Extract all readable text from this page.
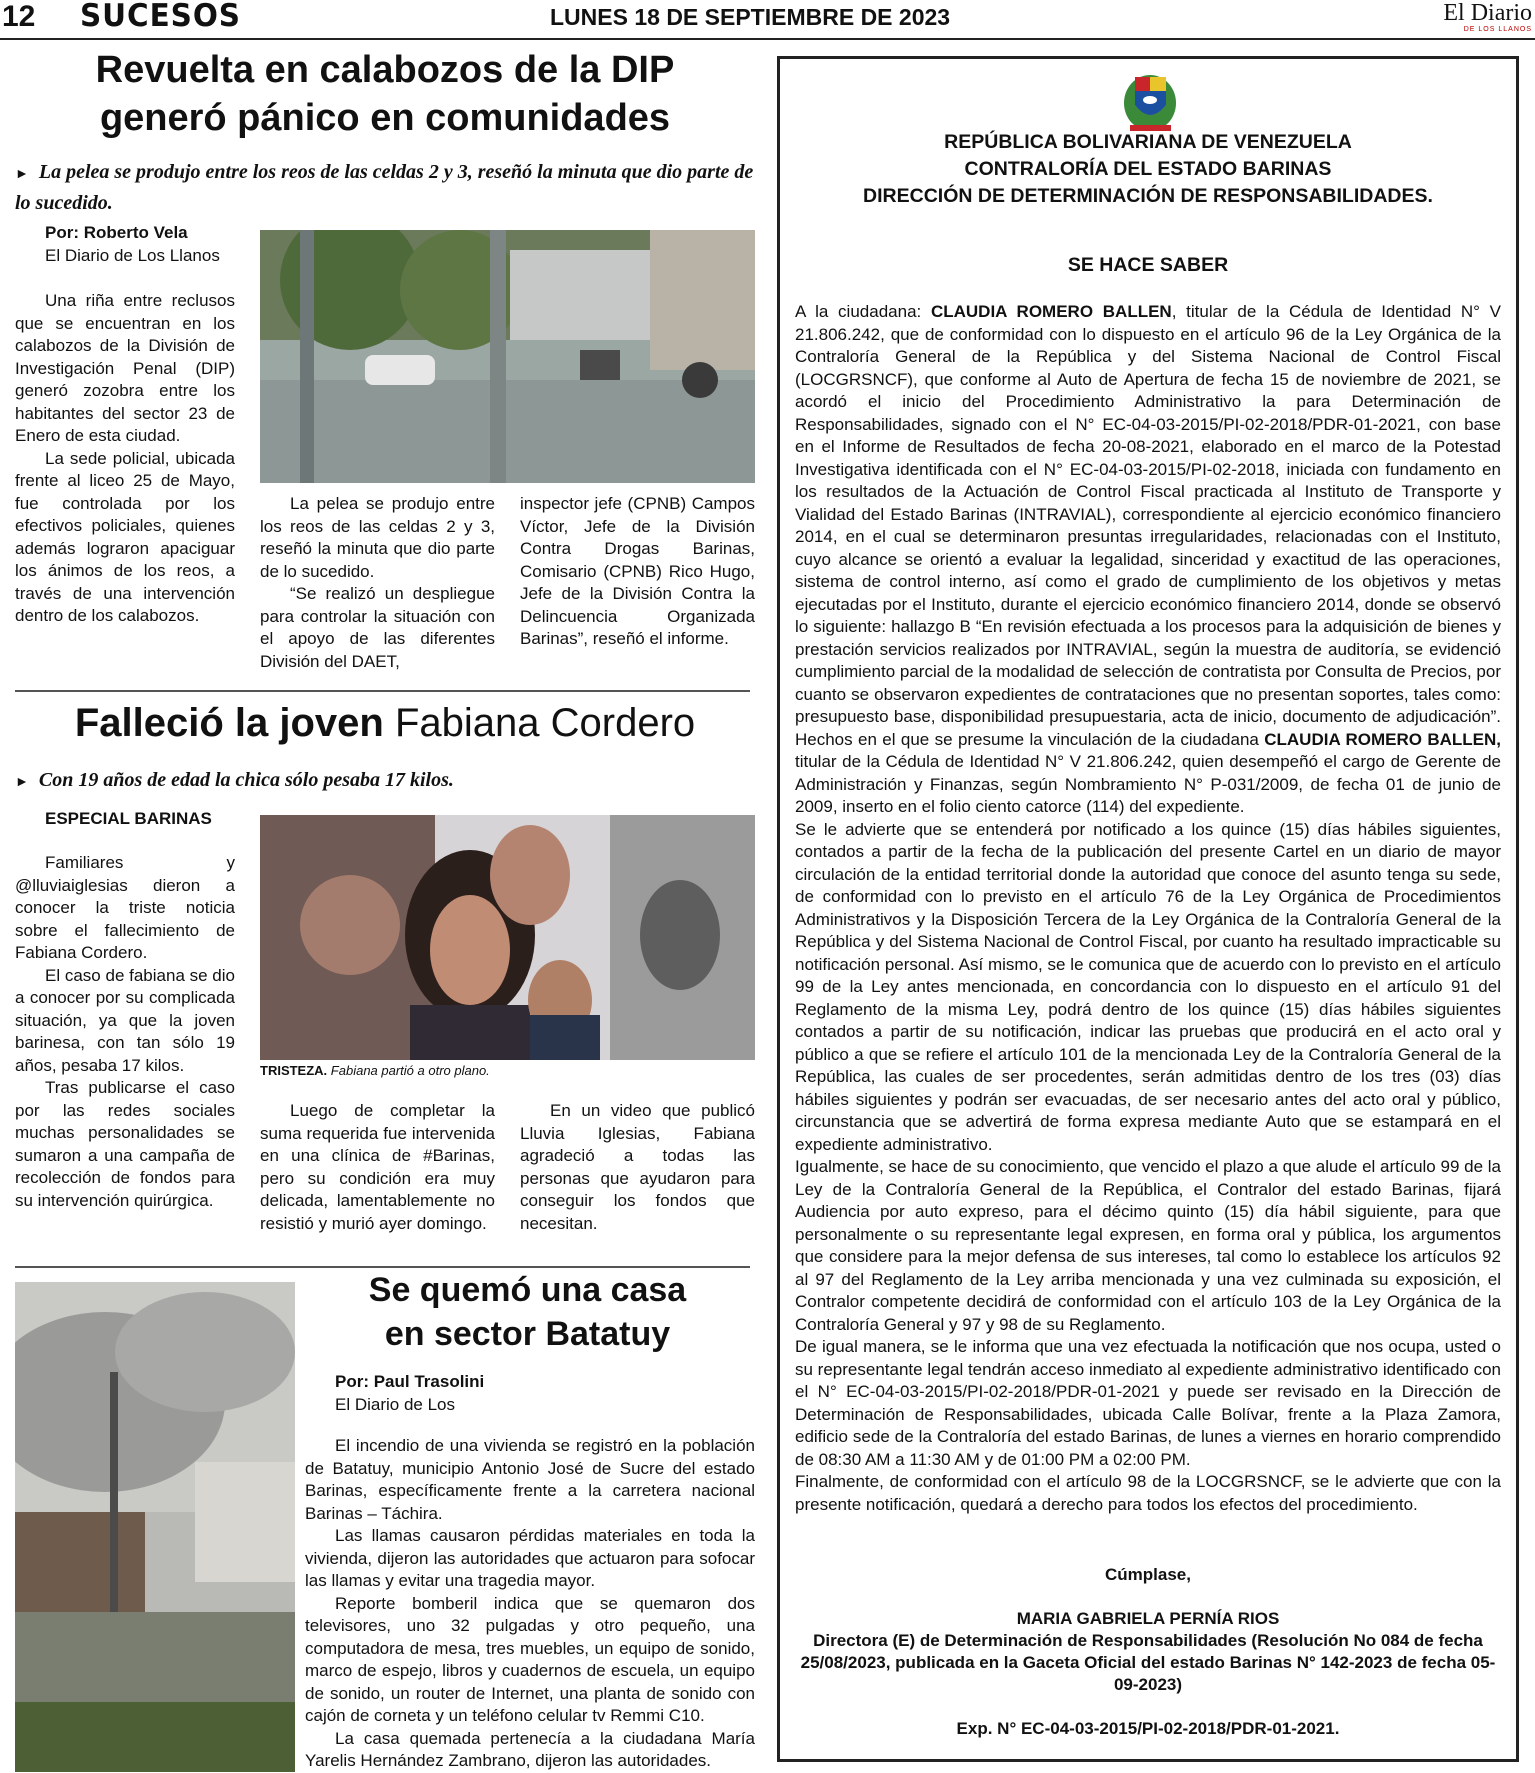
12 SUCESOS	LUNES 18 DE SEPTIEMBRE DE 2023	El Diario
DE LOS LLANOS
Revuelta en calabozos de la DIP
generó pánico en comunidades
► La pelea se produjo entre los reos de las celdas 2 y 3, reseñó la minuta que dio parte de lo sucedido.
Por: Roberto Vela
El Diario de Los Llanos

Una riña entre reclusos que se encuentran en los calabozos de la División de Investigación Penal (DIP) generó zozobra entre los habitantes del sector 23 de Enero de esta ciudad.

La sede policial, ubicada frente al liceo 25 de Mayo, fue controlada por los efectivos policiales, quienes además lograron apaciguar los ánimos de los reos, a través de una intervención dentro de los calabozos.

La pelea se produjo entre los reos de las celdas 2 y 3, reseñó la minuta que dio parte de lo sucedido.

“Se realizó un despliegue para controlar la situación con el apoyo de las diferentes División del DAET,

inspector jefe (CPNB) Campos Víctor, Jefe de la División Contra Drogas Barinas, Comisario (CPNB) Rico Hugo, Jefe de la División Contra la Delincuencia Organizada Barinas”, reseñó el informe.
Falleció la joven Fabiana Cordero
► Con 19 años de edad la chica sólo pesaba 17 kilos.
ESPECIAL BARINAS

Familiares y @lluviaiglesias dieron a conocer la triste noticia sobre el fallecimiento de Fabiana Cordero.

El caso de fabiana se dio a conocer por su complicada situación, ya que la joven barinesa, con tan sólo 19 años, pesaba 17 kilos.

Tras publicarse el caso por las redes sociales muchas personalidades se sumaron a una campaña de recolección de fondos para su intervención quirúrgica.

TRISTEZA. Fabiana partió a otro plano.

Luego de completar la suma requerida fue intervenida en una clínica de #Barinas, pero su condición era muy delicada, lamentablemente no resistió y murió ayer domingo.

En un video que publicó Lluvia Iglesias, Fabiana agradeció a todas las personas que ayudaron para conseguir los fondos que necesitan.

Se quemó una casa
en sector Batatuy
Por: Paul Trasolini
El Diario de Los

El incendio de una vivienda se registró en la población de Batatuy, municipio Antonio José de Sucre del estado Barinas, específicamente frente a la carretera nacional Barinas – Táchira.

Las llamas causaron pérdidas materiales en toda la vivienda, dijeron las autoridades que actuaron para sofocar las llamas y evitar una tragedia mayor.

Reporte bomberil indica que se quemaron dos televisores, uno 32 pulgadas y otro pequeño, una computadora de mesa, tres muebles, un equipo de sonido, marco de espejo, libros y cuadernos de escuela, un equipo de sonido, un router de Internet, una planta de sonido con cajón de corneta y un teléfono celular tv Remmi C10.

La casa quemada pertenecía a la ciudadana María Yarelis Hernández Zambrano, dijeron las autoridades.

REPÚBLICA BOLIVARIANA DE VENEZUELA
CONTRALORÍA DEL ESTADO BARINAS
DIRECCIÓN DE DETERMINACIÓN DE RESPONSABILIDADES.
SE HACE SABER

A la ciudadana: CLAUDIA ROMERO BALLEN, titular de la Cédula de Identidad N° V 21.806.242, que de conformidad con lo dispuesto en el artículo 96 de la Ley Orgánica de la Contraloría General de la República y del Sistema Nacional de Control Fiscal (LOCGRSNCF), que conforme al Auto de Apertura de fecha 15 de noviembre de 2021, se acordó el inicio del Procedimiento Administrativo la para Determinación de Responsabilidades, signado con el N° EC-04-03-2015/PI-02-2018/PDR-01-2021, con base en el Informe de Resultados de fecha 20-08-2021, elaborado en el marco de la Potestad Investigativa identificada con el N° EC-04-03-2015/PI-02-2018, iniciada con fundamento en los resultados de la Actuación de Control Fiscal practicada al Instituto de Transporte y Vialidad del Estado Barinas (INTRAVIAL), correspondiente al ejercicio económico financiero 2014, en el cual se determinaron presuntas irregularidades, relacionadas con el Instituto, cuyo alcance se orientó a evaluar la legalidad, sinceridad y exactitud de las operaciones, sistema de control interno, así como el grado de cumplimiento de los objetivos y metas ejecutadas por el Instituto, durante el ejercicio económico financiero 2014, donde se observó lo siguiente: hallazgo B “En revisión efectuada a los procesos para la adquisición de bienes y prestación servicios realizados por INTRAVIAL, según la muestra de auditoría, se evidenció cumplimiento parcial de la modalidad de selección de contratista por Consulta de Precios, por cuanto se observaron expedientes de contrataciones que no presentan soportes, tales como: presupuesto base, disponibilidad presupuestaria, acta de inicio, documento de adjudicación”. Hechos en el que se presume la vinculación de la ciudadana CLAUDIA ROMERO BALLEN, titular de la Cédula de Identidad N° V 21.806.242, quien desempeñó el cargo de Gerente de Administración y Finanzas, según Nombramiento N° P-031/2009, de fecha 01 de junio de 2009, inserto en el folio ciento catorce (114) del expediente.

Se le advierte que se entenderá por notificado a los quince (15) días hábiles siguientes, contados a partir de la fecha de la publicación del presente Cartel en un diario de mayor circulación de la entidad territorial donde la autoridad que conoce del asunto tenga su sede, de conformidad con lo previsto en el artículo 76 de la Ley Orgánica de Procedimientos Administrativos y la Disposición Tercera de la Ley Orgánica de la Contraloría General de la República y del Sistema Nacional de Control Fiscal, por cuanto ha resultado impracticable su notificación personal. Así mismo, se le comunica que de acuerdo con lo previsto en el artículo 99 de la Ley antes mencionada, en concordancia con lo dispuesto en el artículo 91 del Reglamento de la misma Ley, podrá dentro de los quince (15) días hábiles siguientes contados a partir de su notificación, indicar las pruebas que producirá en el acto oral y público a que se refiere el artículo 101 de la mencionada Ley de la Contraloría General de la República, las cuales de ser procedentes, serán admitidas dentro de los tres (03) días hábiles siguientes y podrán ser evacuadas, de ser necesario antes del acto oral y público, circunstancia que se advertirá de forma expresa mediante Auto que se estampará en el expediente administrativo.

Igualmente, se hace de su conocimiento, que vencido el plazo a que alude el artículo 99 de la Ley de la Contraloría General de la República, el Contralor del estado Barinas, fijará Audiencia por auto expreso, para el décimo quinto (15) día hábil siguiente, para que personalmente o su representante legal expresen, en forma oral y pública, los argumentos que considere para la mejor defensa de sus intereses, tal como lo establece los artículos 92 al 97 del Reglamento de la Ley arriba mencionada y una vez culminada su exposición, el Contralor competente decidirá de conformidad con el artículo 103 de la Ley Orgánica de la Contraloría General y 97 y 98 de su Reglamento.

De igual manera, se le informa que una vez efectuada la notificación que nos ocupa, usted o su representante legal tendrán acceso inmediato al expediente administrativo identificado con el N° EC-04-03-2015/PI-02-2018/PDR-01-2021 y puede ser revisado en la Dirección de Determinación de Responsabilidades, ubicada Calle Bolívar, frente a la Plaza Zamora, edificio sede de la Contraloría del estado Barinas, de lunes a viernes en horario comprendido de 08:30 AM a 11:30 AM y de 01:00 PM a 02:00 PM.

Finalmente, de conformidad con el artículo 98 de la LOCGRSNCF, se le advierte que con la presente notificación, quedará a derecho para todos los efectos del procedimiento.

Cúmplase,
MARIA GABRIELA PERNÍA RIOS
Directora (E) de Determinación de Responsabilidades (Resolución No 084 de fecha 25/08/2023, publicada en la Gaceta Oficial del estado Barinas N° 142-2023 de fecha 05-09-2023)
Exp. N° EC-04-03-2015/PI-02-2018/PDR-01-2021.
